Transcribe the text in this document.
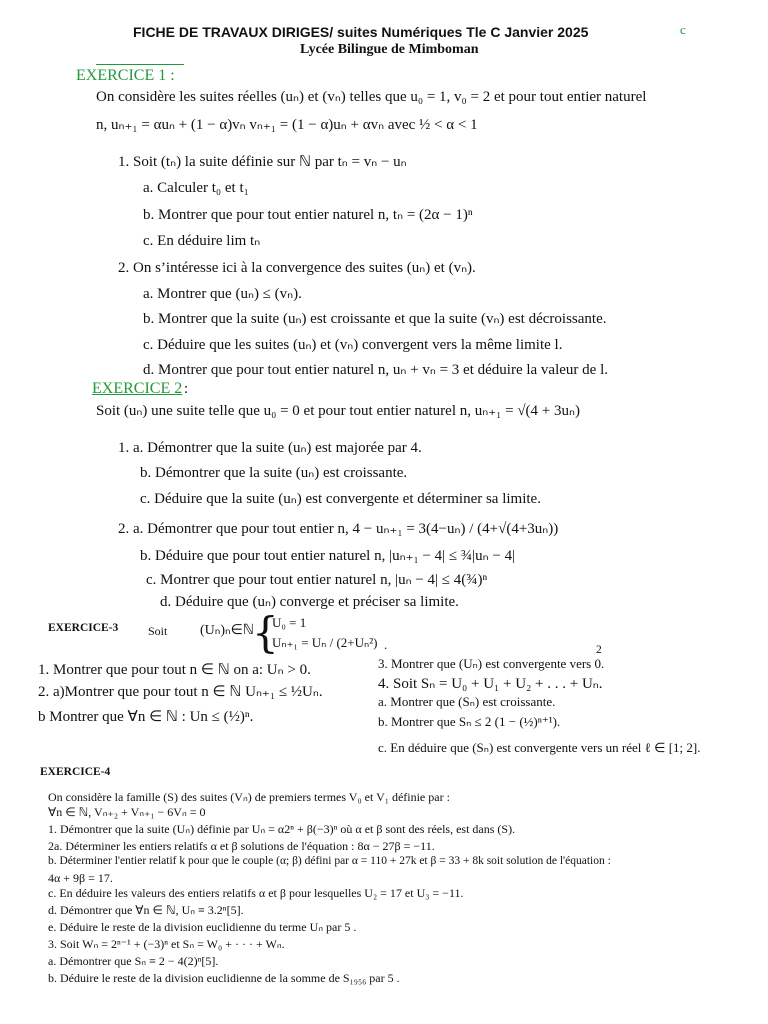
FICHE DE TRAVAUX DIRIGES/ suites Numériques Tle C Janvier 2025	c
Lycée Bilingue de Mimboman
EXERCICE 1 :
On considère les suites réelles (uₙ) et (vₙ) telles que u₀ = 1, v₀ = 2 et pour tout entier naturel
n, uₙ₊₁ = αuₙ + (1 − α)vₙ vₙ₊₁ = (1 − α)uₙ + αvₙ avec ½ < α < 1
1. Soit (tₙ) la suite définie sur ℕ par tₙ = vₙ − uₙ
a. Calculer t₀ et t₁
b. Montrer que pour tout entier naturel n, tₙ = (2α − 1)ⁿ
c. En déduire lim tₙ
2. On s’intéresse ici à la convergence des suites (uₙ) et (vₙ).
a. Montrer que (uₙ) ≤ (vₙ).
b. Montrer que la suite (uₙ) est croissante et que la suite (vₙ) est décroissante.
c. Déduire que les suites (uₙ) et (vₙ) convergent vers la même limite l.
d. Montrer que pour tout entier naturel n, uₙ + vₙ = 3 et déduire la valeur de l.
EXERCICE 2 :
Soit (uₙ) une suite telle que u₀ = 0 et pour tout entier naturel n, uₙ₊₁ = √(4 + 3uₙ)
1. a. Démontrer que la suite (uₙ) est majorée par 4.
b. Démontrer que la suite (uₙ) est croissante.
c. Déduire que la suite (uₙ) est convergente et déterminer sa limite.
2. a. Démontrer que pour tout entier n, 4 − uₙ₊₁ = 3(4−uₙ) / (4+√(4+3uₙ))
b. Déduire que pour tout entier naturel n, |uₙ₊₁ − 4| ≤ ¾|uₙ − 4|
c. Montrer que pour tout entier naturel n, |uₙ − 4| ≤ 4(¾)ⁿ
d. Déduire que (uₙ) converge et préciser sa limite.
EXERCICE-3 Soit (Uₙ)ₙ∈ℕ
{
U₀ = 1
Uₙ₊₁ = Uₙ / (2+Uₙ²) .	2
1. Montrer que pour tout n ∈ ℕ on a: Uₙ > 0.
2. a)Montrer que pour tout n ∈ ℕ Uₙ₊₁ ≤ ½Uₙ.
b Montrer que ∀n ∈ ℕ : Un ≤ (½)ⁿ.
3. Montrer que (Uₙ) est convergente vers 0.
4. Soit Sₙ = U₀ + U₁ + U₂ + . . . + Uₙ.
a. Montrer que (Sₙ) est croissante.
b. Montrer que Sₙ ≤ 2 (1 − (½)ⁿ⁺¹).
c. En déduire que (Sₙ) est convergente vers un réel ℓ ∈ [1; 2].
EXERCICE-4
On considère la famille (S) des suites (Vₙ) de premiers termes V₀ et V₁ définie par :
∀n ∈ ℕ, Vₙ₊₂ + Vₙ₊₁ − 6Vₙ = 0
1. Démontrer que la suite (Uₙ) définie par Uₙ = α2ⁿ + β(−3)ⁿ où α et β sont des réels, est dans (S).
2a. Déterminer les entiers relatifs α et β solutions de l'équation : 8α − 27β = −11.
b. Déterminer l'entier relatif k pour que le couple (α; β) défini par α = 110 + 27k et β = 33 + 8k soit solution de l'équation :
4α + 9β = 17.
c. En déduire les valeurs des entiers relatifs α et β pour lesquelles U₂ = 17 et U₃ = −11.
d. Démontrer que ∀n ∈ ℕ, Uₙ ≡ 3.2ⁿ[5].
e. Déduire le reste de la division euclidienne du terme Uₙ par 5 .
3. Soit Wₙ = 2ⁿ⁻¹ + (−3)ⁿ et Sₙ = W₀ + · · · + Wₙ.
a. Démontrer que Sₙ ≡ 2 − 4(2)ⁿ[5].
b. Déduire le reste de la division euclidienne de la somme de S₁₉₅₆ par 5 .
